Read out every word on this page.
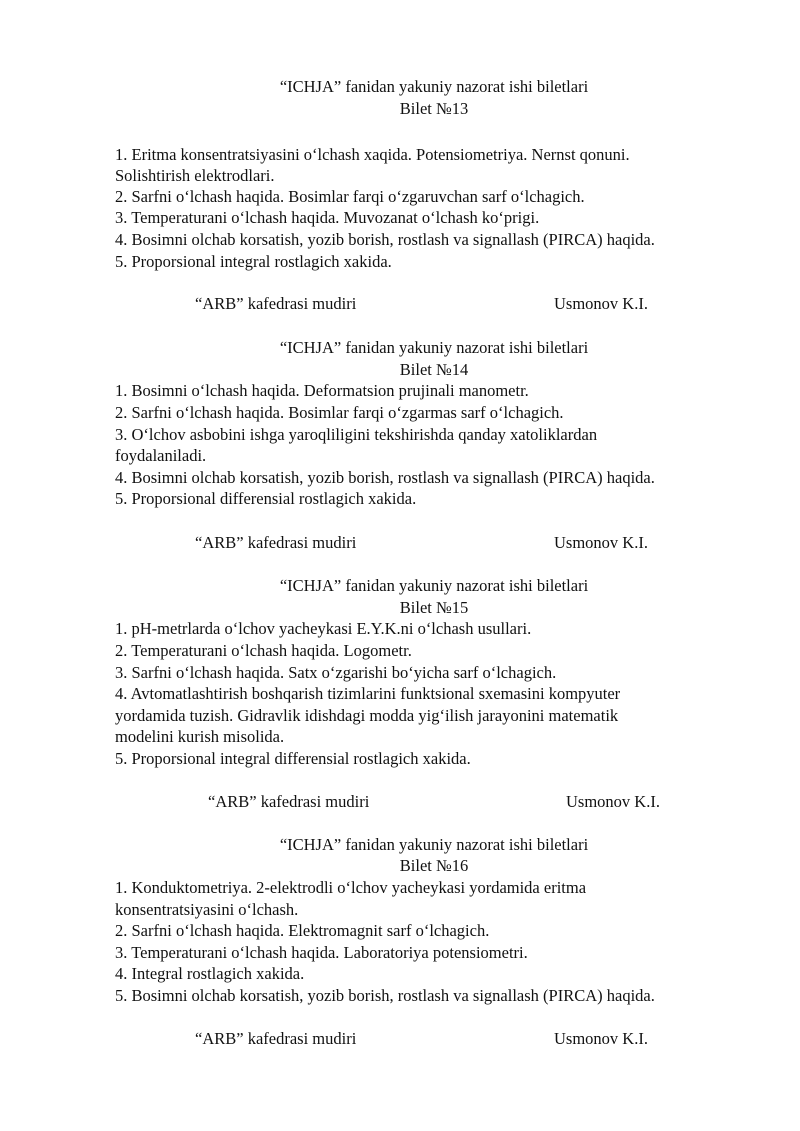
“ICHJA” fanidan yakuniy nazorat ishi biletlari
Bilet №13
1. Eritma konsentratsiyasini o‘lchash xaqida. Potensiometriya. Nernst qonuni.
Solishtirish elektrodlari.
2. Sarfni o‘lchash haqida. Bosimlar farqi o‘zgaruvchan sarf o‘lchagich.
3. Temperaturani o‘lchash haqida. Muvozanat o‘lchash ko‘prigi.
4. Bosimni olchab korsatish, yozib borish, rostlash va signallash (PIRCA) haqida.
5. Proporsional integral rostlagich xakida.
“ARB” kafedrasi mudiri	Usmonov K.I.
“ICHJA” fanidan yakuniy nazorat ishi biletlari
Bilet №14
1. Bosimni o‘lchash haqida. Deformatsion prujinali manometr.
2. Sarfni o‘lchash haqida. Bosimlar farqi o‘zgarmas sarf o‘lchagich.
3. O‘lchov asbobini ishga yaroqliligini tekshirishda qanday xatoliklardan
foydalaniladi.
4. Bosimni olchab korsatish, yozib borish, rostlash va signallash (PIRCA) haqida.
5. Proporsional differensial rostlagich xakida.
“ARB” kafedrasi mudiri	Usmonov K.I.
“ICHJA” fanidan yakuniy nazorat ishi biletlari
Bilet №15
1. pH-metrlarda o‘lchov yacheykasi E.Y.K.ni o‘lchash usullari.
2. Temperaturani o‘lchash haqida. Logometr.
3. Sarfni o‘lchash haqida. Satx o‘zgarishi bo‘yicha sarf o‘lchagich.
4. Avtomatlashtirish boshqarish tizimlarini funktsional sxemasini kompyuter
yordamida tuzish. Gidravlik idishdagi modda yig‘ilish jarayonini matematik
modelini kurish misolida.
5. Proporsional integral differensial rostlagich xakida.
“ARB” kafedrasi mudiri	Usmonov K.I.
“ICHJA” fanidan yakuniy nazorat ishi biletlari
Bilet №16
1. Konduktometriya. 2-elektrodli o‘lchov yacheykasi yordamida eritma
konsentratsiyasini o‘lchash.
2. Sarfni o‘lchash haqida. Elektromagnit sarf o‘lchagich.
3. Temperaturani o‘lchash haqida. Laboratoriya potensiometri.
4. Integral rostlagich xakida.
5. Bosimni olchab korsatish, yozib borish, rostlash va signallash (PIRCA) haqida.
“ARB” kafedrasi mudiri	Usmonov K.I.
